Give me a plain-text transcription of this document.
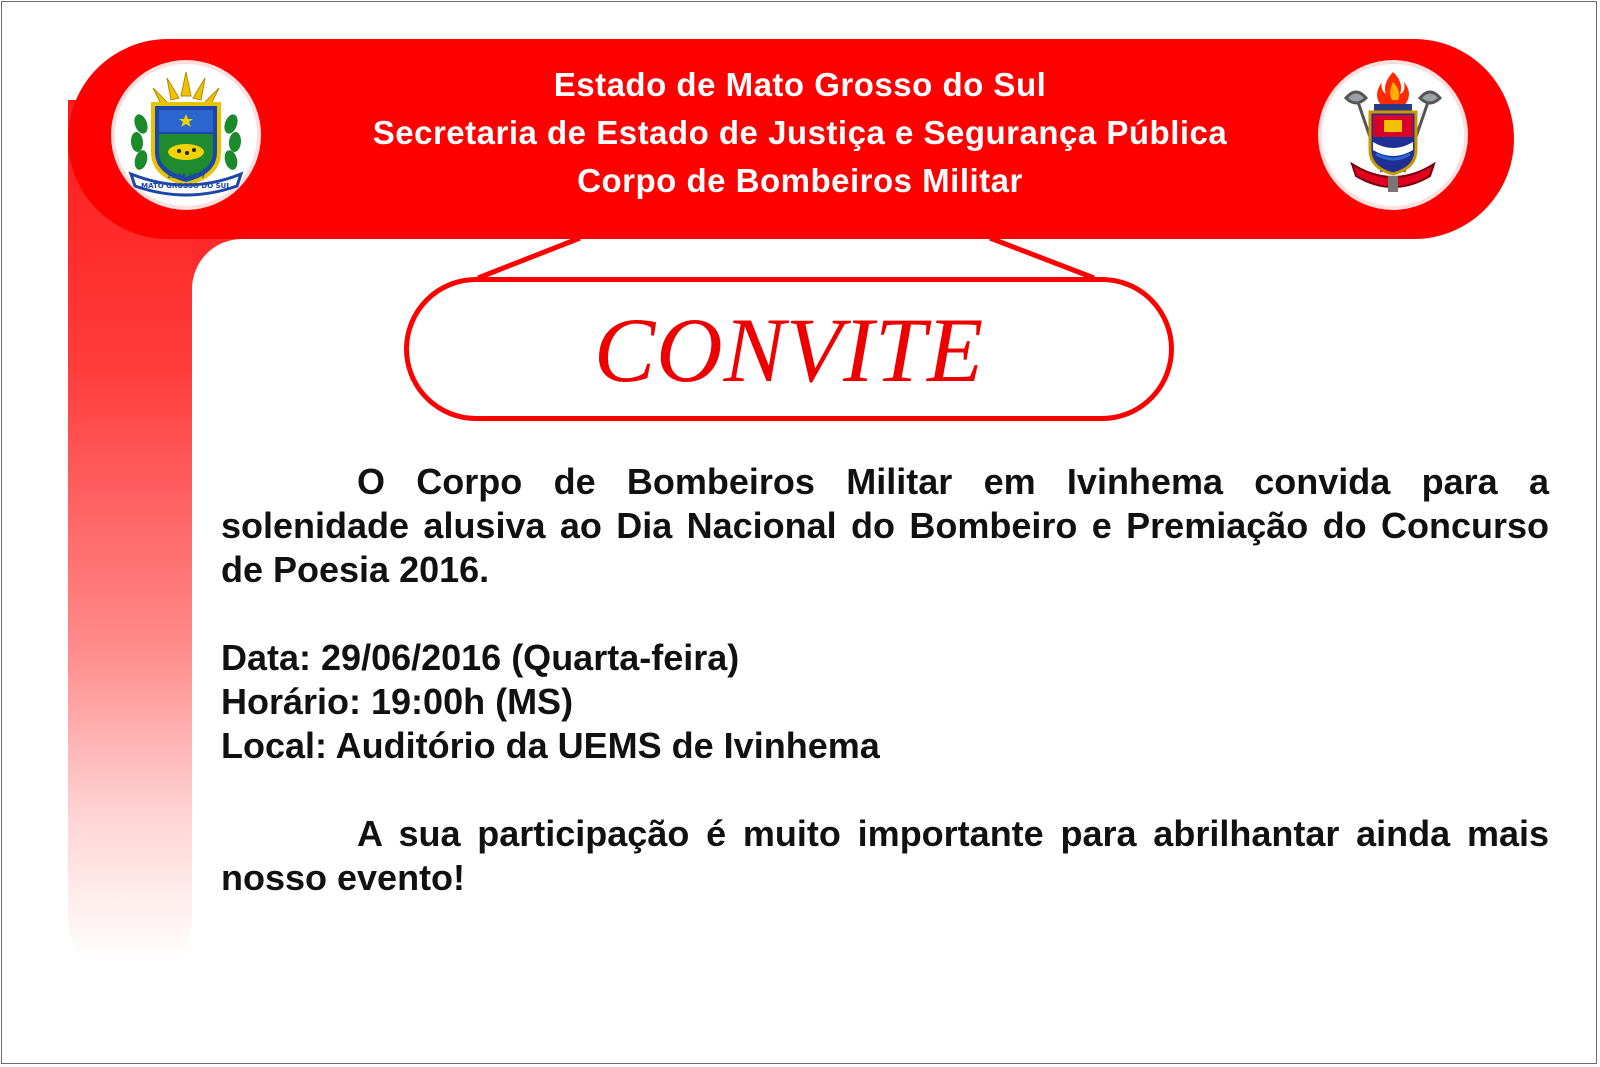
Estado de Mato Grosso do Sul
Secretaria de Estado de Justiça e Segurança Pública
Corpo de Bombeiros Militar
MATO GROSSO DO SUL
11 DE 1977
CONVITE

O Corpo de Bombeiros Militar em Ivinhema convida para a solenidade alusiva ao Dia Nacional do Bombeiro e Premiação do Concurso de Poesia 2016.

Data: 29/06/2016 (Quarta-feira)

Horário: 19:00h (MS)

Local: Auditório da UEMS de Ivinhema

A sua participação é muito importante para abrilhantar ainda mais nosso evento!
